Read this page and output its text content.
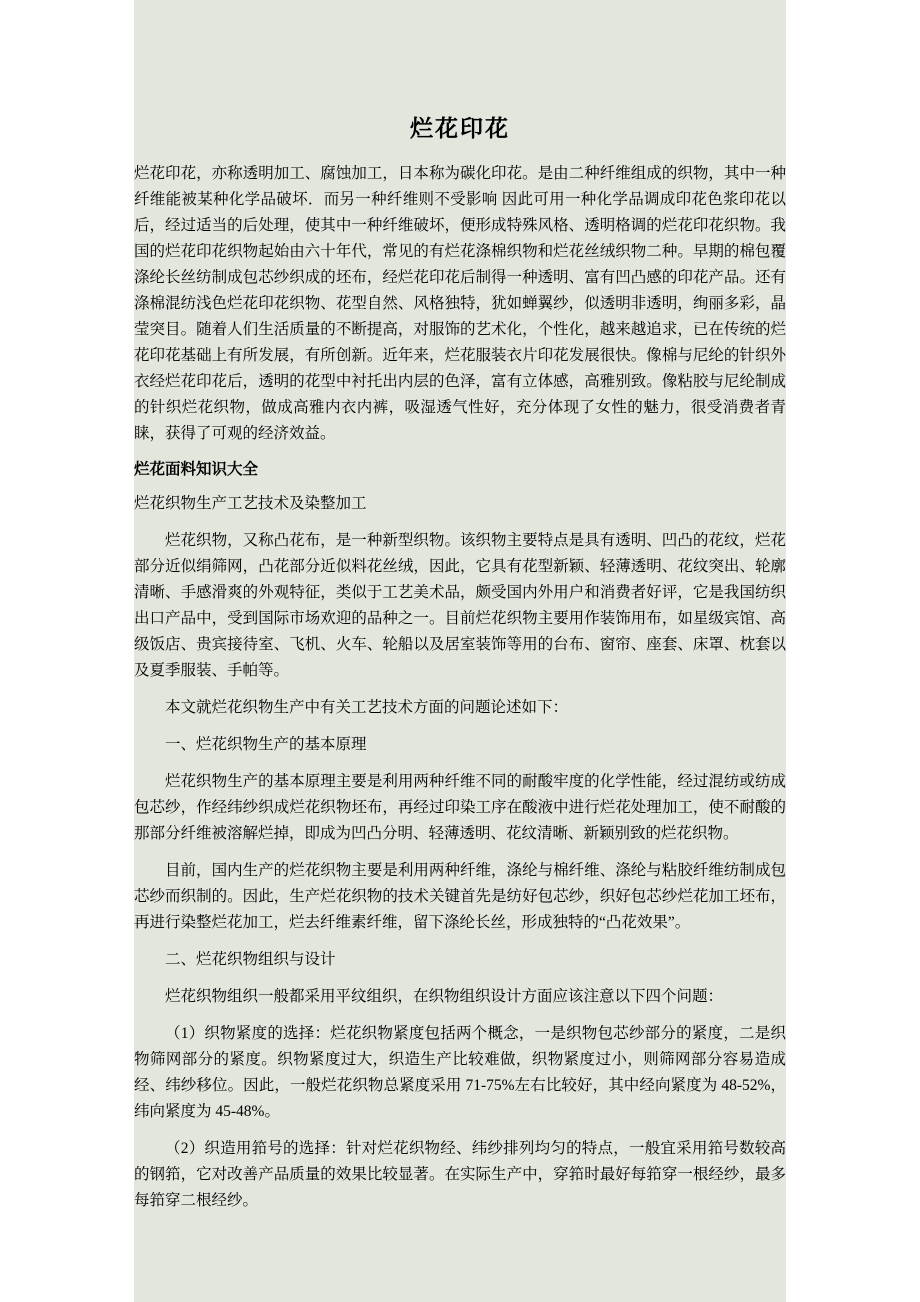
烂花印花

烂花印花，亦称透明加工、腐蚀加工，日本称为碳化印花。是由二种纤维组成的织物，其中一种纤维能被某种化学品破坏．而另一种纤维则不受影响 因此可用一种化学品调成印花色浆印花以后，经过适当的后处理，使其中一种纤维破坏，便形成特殊风格、透明格调的烂花印花织物。我国的烂花印花织物起始由六十年代，常见的有烂花涤棉织物和烂花丝绒织物二种。早期的棉包覆涤纶长丝纺制成包芯纱织成的坯布，经烂花印花后制得一种透明、富有凹凸感的印花产品。还有涤棉混纺浅色烂花印花织物、花型自然、风格独特，犹如蝉翼纱，似透明非透明，绚丽多彩，晶莹突目。随着人们生活质量的不断提高，对服饰的艺术化，个性化，越来越追求，已在传统的烂花印花基础上有所发展，有所创新。近年来，烂花服装衣片印花发展很快。像棉与尼纶的针织外衣经烂花印花后，透明的花型中衬托出内层的色泽，富有立体感，高雅别致。像粘胶与尼纶制成的针织烂花织物，做成高雅内衣内裤，吸湿透气性好，充分体现了女性的魅力，很受消费者青睐，获得了可观的经济效益。

烂花面料知识大全
烂花织物生产工艺技术及染整加工

烂花织物，又称凸花布，是一种新型织物。该织物主要特点是具有透明、凹凸的花纹，烂花部分近似绢筛网，凸花部分近似料花丝绒，因此，它具有花型新颖、轻薄透明、花纹突出、轮廓清晰、手感滑爽的外观特征，类似于工艺美术品，颇受国内外用户和消费者好评，它是我国纺织出口产品中，受到国际市场欢迎的品种之一。目前烂花织物主要用作装饰用布，如星级宾馆、高级饭店、贵宾接待室、飞机、火车、轮船以及居室装饰等用的台布、窗帘、座套、床罩、枕套以及夏季服装、手帕等。

本文就烂花织物生产中有关工艺技术方面的问题论述如下：

一、烂花织物生产的基本原理

烂花织物生产的基本原理主要是利用两种纤维不同的耐酸牢度的化学性能，经过混纺或纺成包芯纱，作经纬纱织成烂花织物坯布，再经过印染工序在酸液中进行烂花处理加工，使不耐酸的那部分纤维被溶解烂掉，即成为凹凸分明、轻薄透明、花纹清晰、新颖别致的烂花织物。

目前，国内生产的烂花织物主要是利用两种纤维，涤纶与棉纤维、涤纶与粘胶纤维纺制成包芯纱而织制的。因此，生产烂花织物的技术关键首先是纺好包芯纱，织好包芯纱烂花加工坯布，再进行染整烂花加工，烂去纤维素纤维，留下涤纶长丝，形成独特的“凸花效果”。

二、烂花织物组织与设计

烂花织物组织一般都采用平纹组织，在织物组织设计方面应该注意以下四个问题：

（1）织物紧度的选择：烂花织物紧度包括两个概念，一是织物包芯纱部分的紧度，二是织物筛网部分的紧度。织物紧度过大，织造生产比较难做，织物紧度过小，则筛网部分容易造成经、纬纱移位。因此，一般烂花织物总紧度采用 71-75%左右比较好，其中经向紧度为 48-52%，纬向紧度为 45-48%。

（2）织造用筘号的选择：针对烂花织物经、纬纱排列均匀的特点，一般宜采用筘号数较高的钢筘，它对改善产品质量的效果比较显著。在实际生产中，穿筘时最好每筘穿一根经纱，最多每筘穿二根经纱。
